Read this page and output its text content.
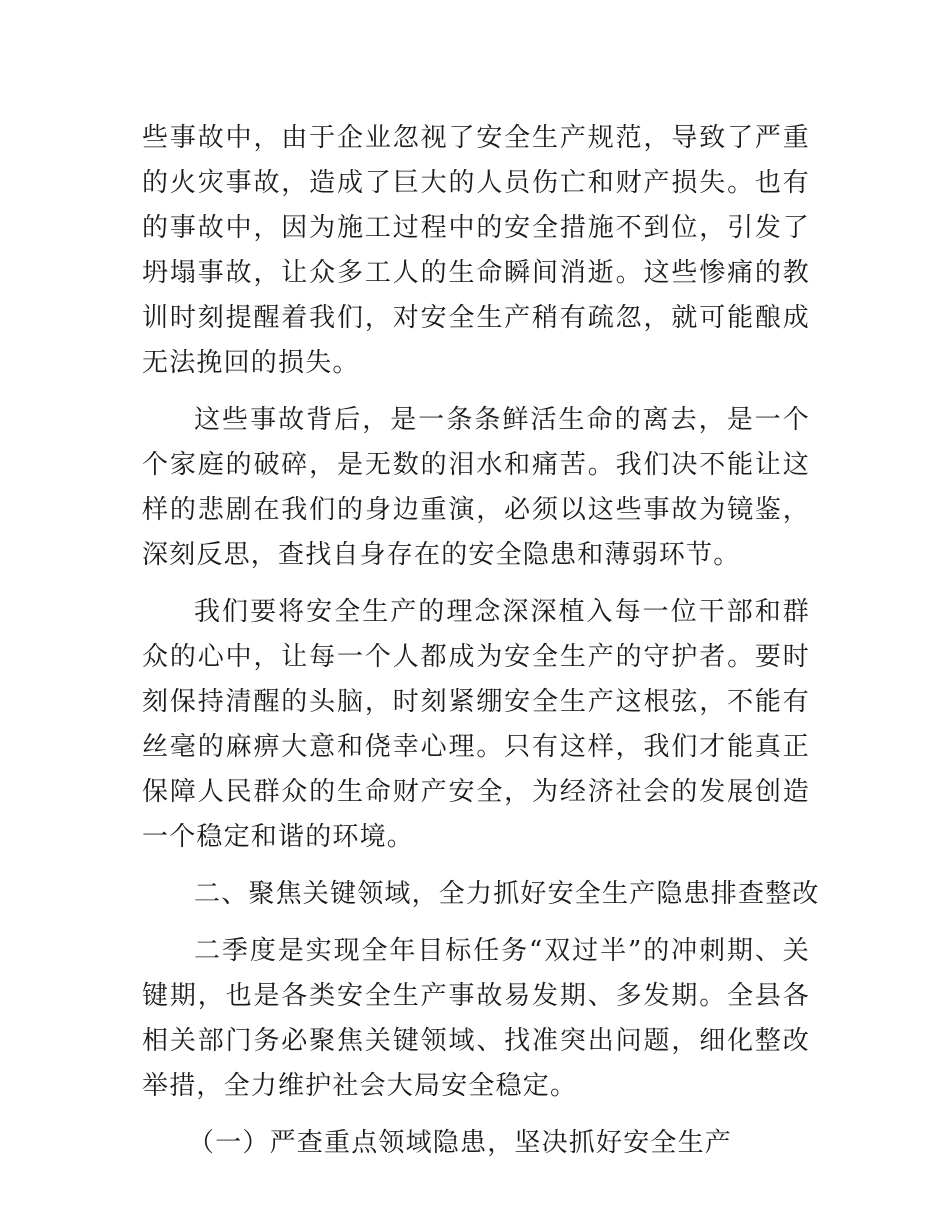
些事故中，由于企业忽视了安全生产规范，导致了严重的火灾事故，造成了巨大的人员伤亡和财产损失。也有的事故中，因为施工过程中的安全措施不到位，引发了坍塌事故，让众多工人的生命瞬间消逝。这些惨痛的教训时刻提醒着我们，对安全生产稍有疏忽，就可能酿成无法挽回的损失。

这些事故背后，是一条条鲜活生命的离去，是一个个家庭的破碎，是无数的泪水和痛苦。我们决不能让这样的悲剧在我们的身边重演，必须以这些事故为镜鉴，深刻反思，查找自身存在的安全隐患和薄弱环节。

我们要将安全生产的理念深深植入每一位干部和群众的心中，让每一个人都成为安全生产的守护者。要时刻保持清醒的头脑，时刻紧绷安全生产这根弦，不能有丝毫的麻痹大意和侥幸心理。只有这样，我们才能真正保障人民群众的生命财产安全，为经济社会的发展创造一个稳定和谐的环境。

二、聚焦关键领域，全力抓好安全生产隐患排查整改

二季度是实现全年目标任务“双过半”的冲刺期、关键期，也是各类安全生产事故易发期、多发期。全县各相关部门务必聚焦关键领域、找准突出问题，细化整改举措，全力维护社会大局安全稳定。

（一）严查重点领域隐患，坚决抓好安全生产
